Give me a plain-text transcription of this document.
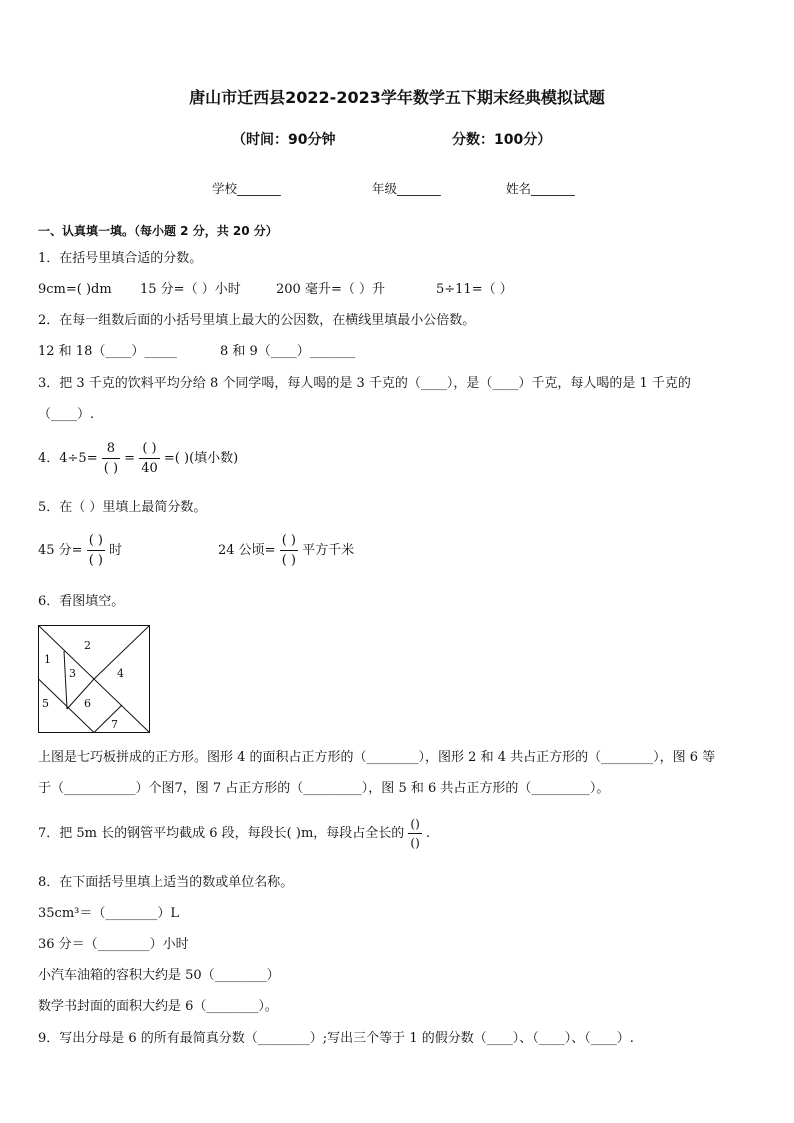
唐山市迁西县2022-2023学年数学五下期末经典模拟试题
（时间：90分钟	分数：100分）
学校_______	年级_______	姓名_______
一、认真填一填。（每小题 2 分，共 20 分）
1．在括号里填合适的分数。
9cm=( )dm 15 分=（ ）小时	200 毫升=（ ）升	5÷11=（ ）
2．在每一组数后面的小括号里填上最大的公因数，在横线里填最小公倍数。
12 和 18（____）_____	8 和 9（____）_______
3．把 3 千克的饮料平均分给 8 个同学喝，每人喝的是 3 千克的（____），是（____）千克，每人喝的是 1 千克的
（____）.
4．$4\div 5= \frac{8}{( )} = \frac{( )}{40}$ =( )(填小数)
5．在（ ）里填上最简分数。
45 分= $\frac{( )}{( )}$ 时	24 公顷= $\frac{( )}{( )}$ 平方千米
6．看图填空。
1
2
3	4
5	6
7
上图是七巧板拼成的正方形。图形 4 的面积占正方形的（________），图形 2 和 4 共占正方形的（________），图 6 等
于（___________）个图7，图 7 占正方形的（_________），图 5 和 6 共占正方形的（_________）。
7．把 5m 长的钢管平均截成 6 段，每段长( )m，每段占全长的 $\frac{()}{()}$ .
8．在下面括号里填上适当的数或单位名称。
35cm³＝（________）L
36 分＝（________）小时
小汽车油箱的容积大约是 50（________）
数学书封面的面积大约是 6（________）。
9．写出分母是 6 的所有最简真分数（________）;写出三个等于 1 的假分数（____）、（____）、（____）.
